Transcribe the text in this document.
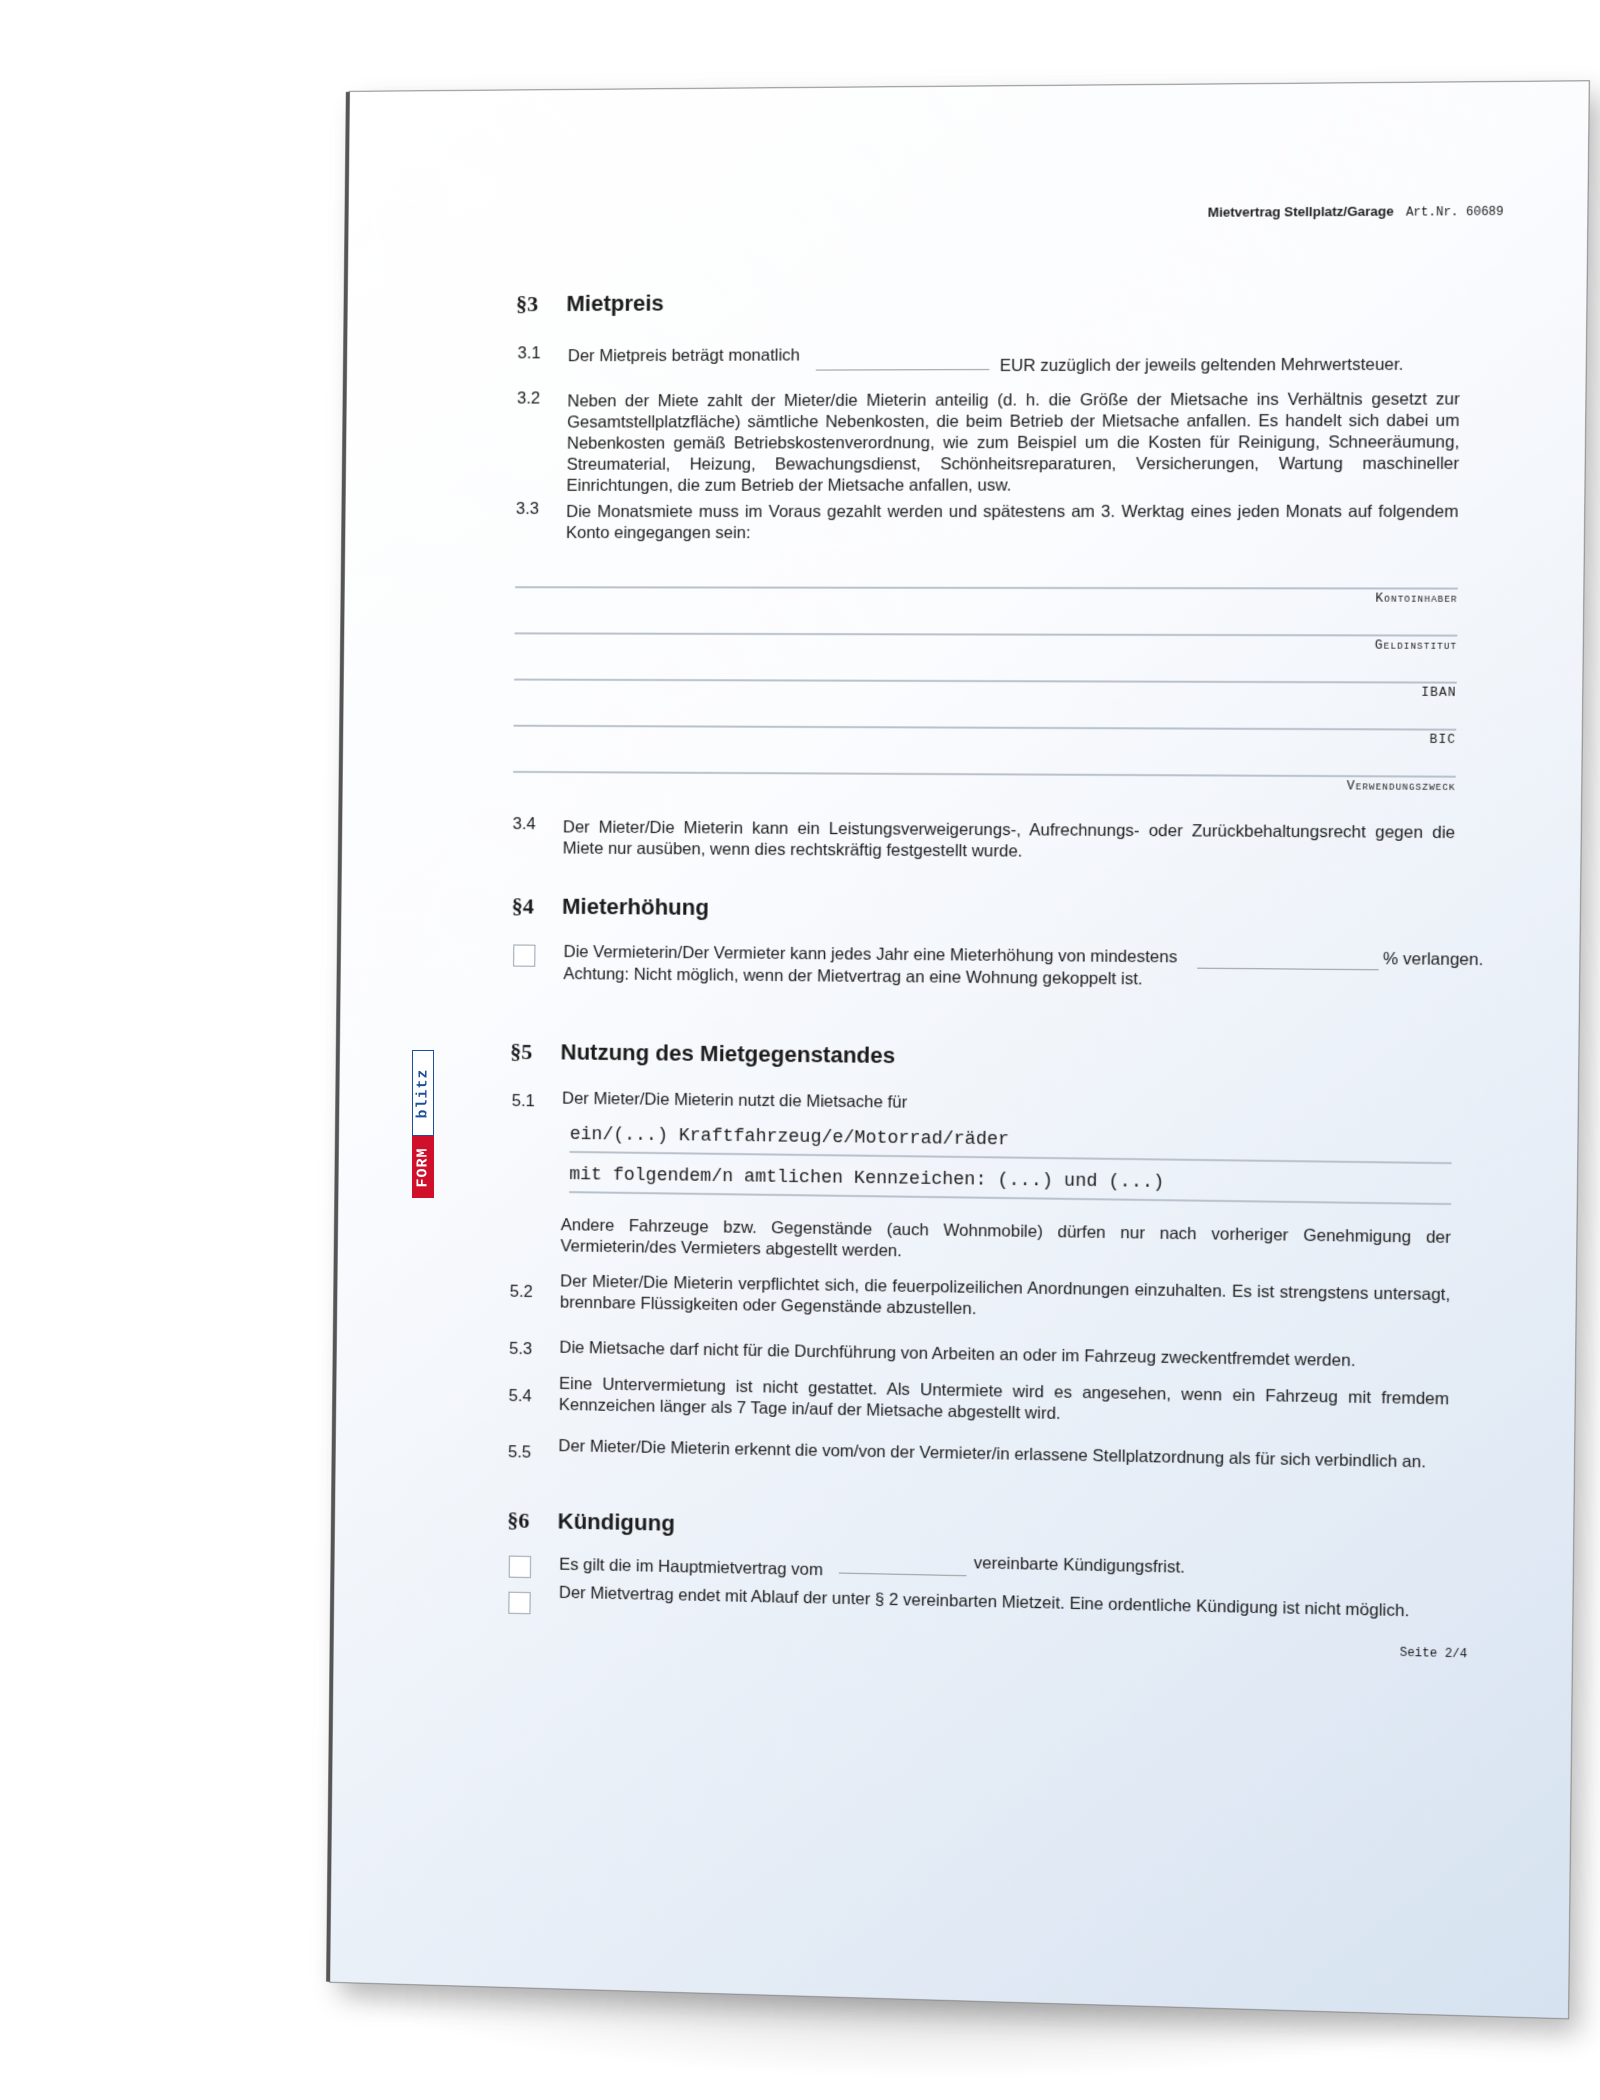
Mietvertrag Stellplatz/Garage Art.Nr. 60689
§3 Mietpreis
3.1 Der Mietpreis beträgt monatlich	EUR zuzüglich der jeweils geltenden Mehrwertsteuer.
3.2 Neben der Miete zahlt der Mieter/die Mieterin anteilig (d. h. die Größe der Mietsache ins Verhältnis gesetzt zur Gesamtstellplatzfläche) sämtliche Nebenkosten, die beim Betrieb der Mietsache anfallen. Es handelt sich dabei um Nebenkosten gemäß Betriebskostenverordnung, wie zum Beispiel um die Kosten für Reinigung, Schneeräumung, Streumaterial, Heizung, Bewachungsdienst, Schönheitsreparaturen, Versicherungen, Wartung maschineller Einrichtungen, die zum Betrieb der Mietsache anfallen, usw.
3.3 Die Monatsmiete muss im Voraus gezahlt werden und spätestens am 3. Werktag eines jeden Monats auf folgendem Konto eingegangen sein:
Kontoinhaber
Geldinstitut
IBAN
BIC
Verwendungszweck
3.4 Der Mieter/Die Mieterin kann ein Leistungsverweigerungs-, Aufrechnungs- oder Zurückbehaltungsrecht gegen die Miete nur ausüben, wenn dies rechtskräftig festgestellt wurde.
§4 Mieterhöhung
Die Vermieterin/Der Vermieter kann jedes Jahr eine Mieterhöhung von mindestens	% verlangen.
Achtung: Nicht möglich, wenn der Mietvertrag an eine Wohnung gekoppelt ist.
§5 Nutzung des Mietgegenstandes
5.1 Der Mieter/Die Mieterin nutzt die Mietsache für
ein/(...) Kraftfahrzeug/e/Motorrad/räder
mit folgendem/n amtlichen Kennzeichen: (...) und (...)
Andere Fahrzeuge bzw. Gegenstände (auch Wohnmobile) dürfen nur nach vorheriger Genehmigung der Vermieterin/des Vermieters abgestellt werden.
5.2 Der Mieter/Die Mieterin verpflichtet sich, die feuerpolizeilichen Anordnungen einzuhalten. Es ist strengstens untersagt, brennbare Flüssigkeiten oder Gegenstände abzustellen.
5.3 Die Mietsache darf nicht für die Durchführung von Arbeiten an oder im Fahrzeug zweckentfremdet werden.
5.4 Eine Untervermietung ist nicht gestattet. Als Untermiete wird es angesehen, wenn ein Fahrzeug mit fremdem Kennzeichen länger als 7 Tage in/auf der Mietsache abgestellt wird.
5.5 Der Mieter/Die Mieterin erkennt die vom/von der Vermieter/in erlassene Stellplatzordnung als für sich verbindlich an.
§6 Kündigung
Es gilt die im Hauptmietvertrag vom	vereinbarte Kündigungsfrist.
Der Mietvertrag endet mit Ablauf der unter § 2 vereinbarten Mietzeit. Eine ordentliche Kündigung ist nicht möglich.
Seite 2/4
FORM
blitz
